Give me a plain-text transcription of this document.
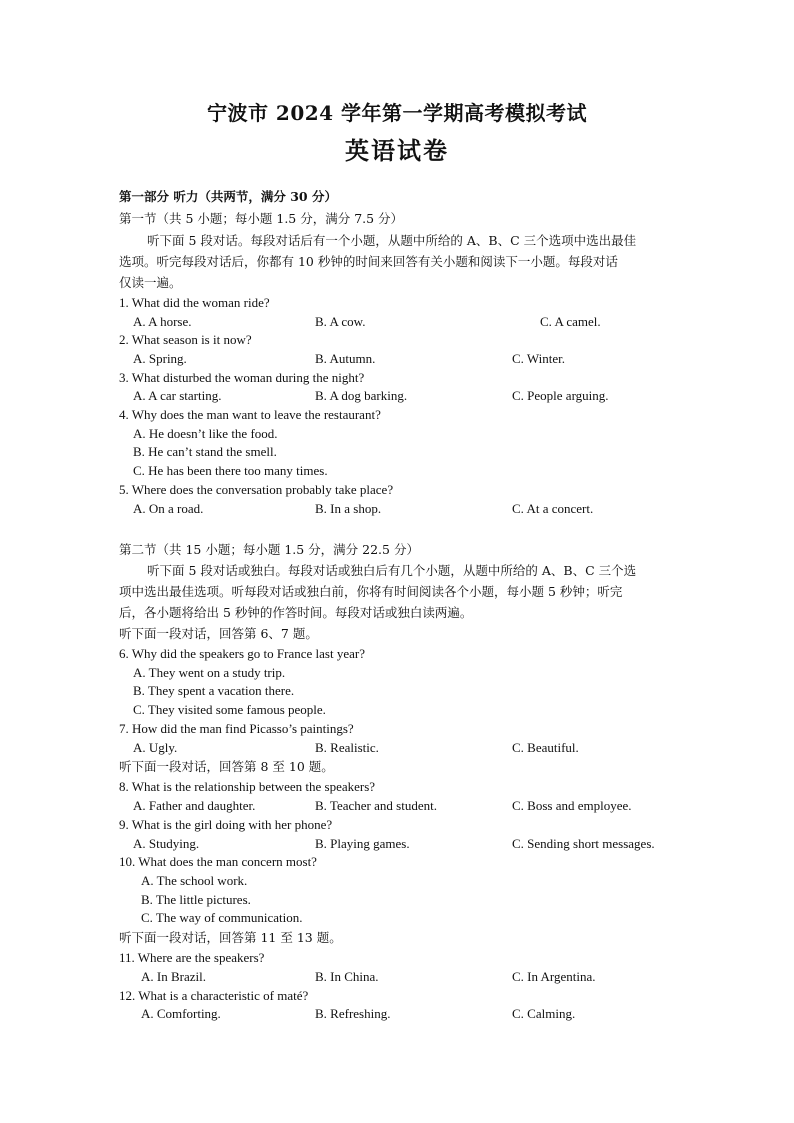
宁波市 2024 学年第一学期高考模拟考试
英语试卷
第一部分 听力（共两节，满分 30 分）
第一节（共 5 小题；每小题 1.5 分，满分 7.5 分）
听下面 5 段对话。每段对话后有一个小题，从题中所给的 A、B、C 三个选项中选出最佳
选项。听完每段对话后，你都有 10 秒钟的时间来回答有关小题和阅读下一小题。每段对话
仅读一遍。
1. What did the woman ride?
A. A horse.	B. A cow.	C. A camel.
2. What season is it now?
A. Spring.	B. Autumn.	C. Winter.
3. What disturbed the woman during the night?
A. A car starting.	B. A dog barking.	C. People arguing.
4. Why does the man want to leave the restaurant?
A. He doesn’t like the food.
B. He can’t stand the smell.
C. He has been there too many times.
5. Where does the conversation probably take place?
A. On a road.	B. In a shop.	C. At a concert.
第二节（共 15 小题；每小题 1.5 分，满分 22.5 分）
听下面 5 段对话或独白。每段对话或独白后有几个小题，从题中所给的 A、B、C 三个选
项中选出最佳选项。听每段对话或独白前，你将有时间阅读各个小题，每小题 5 秒钟；听完
后，各小题将给出 5 秒钟的作答时间。每段对话或独白读两遍。
听下面一段对话，回答第 6、7 题。
6. Why did the speakers go to France last year?
A. They went on a study trip.
B. They spent a vacation there.
C. They visited some famous people.
7. How did the man find Picasso’s paintings?
A. Ugly.	B. Realistic.	C. Beautiful.
听下面一段对话，回答第 8 至 10 题。
8. What is the relationship between the speakers?
A. Father and daughter.	B. Teacher and student.	C. Boss and employee.
9. What is the girl doing with her phone?
A. Studying.	B. Playing games.	C. Sending short messages.
10. What does the man concern most?
A. The school work.
B. The little pictures.
C. The way of communication.
听下面一段对话，回答第 11 至 13 题。
11. Where are the speakers?
A. In Brazil.	B. In China.	C. In Argentina.
12. What is a characteristic of maté?
A. Comforting.	B. Refreshing.	C. Calming.
